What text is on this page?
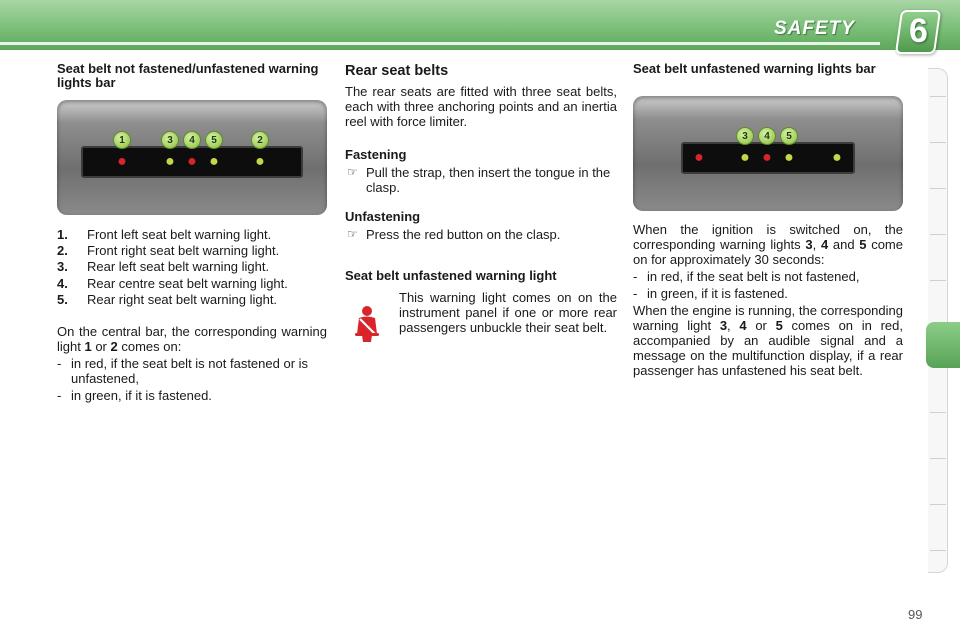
SAFETY 6
Seat belt not fastened/unfastened warning lights bar
1	3	4	5	2
● ● ● ● ●
1. Front left seat belt warning light.
2. Front right seat belt warning light.
3. Rear left seat belt warning light.
4. Rear centre seat belt warning light.
5. Rear right seat belt warning light.

On the central bar, the corresponding warning light 1 or 2 comes on:

- in red, if the seat belt is not fastened or is unfastened,
- in green, if it is fastened.
Rear seat belts

The rear seats are fitted with three seat belts, each with three anchoring points and an inertia reel with force limiter.

Fastening
☞ Pull the strap, then insert the tongue in the clasp.
Unfastening
☞ Press the red button on the clasp.
Seat belt unfastened warning light

This warning light comes on on the instrument panel if one or more rear passengers unbuckle their seat belt.

Seat belt unfastened warning lights bar
3	4	5
● ● ● ● ●

When the ignition is switched on, the corresponding warning lights 3, 4 and 5 come on for approximately 30 seconds:

- in red, if the seat belt is not fastened,
- in green, if it is fastened.

When the engine is running, the corresponding warning light 3, 4 or 5 comes on in red, accompanied by an audible signal and a message on the multifunction display, if a rear passenger has unfastened his seat belt.

99
